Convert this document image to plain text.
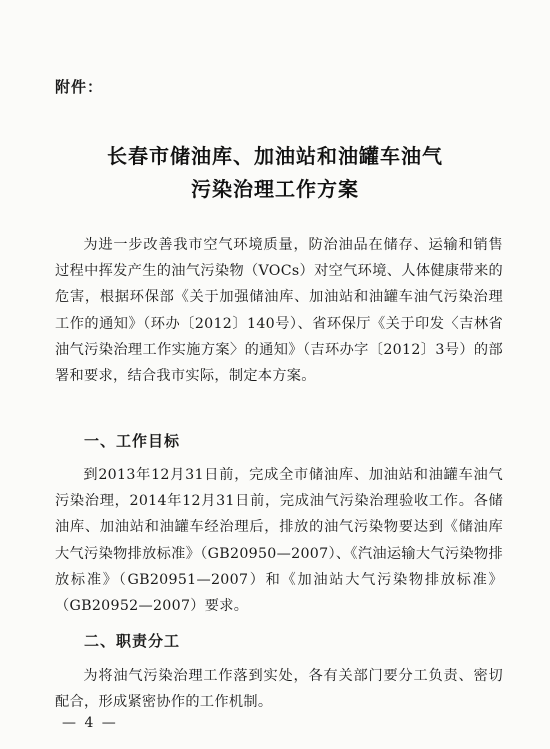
附件：
长春市储油库、加油站和油罐车油气
污染治理工作方案
为进一步改善我市空气环境质量，防治油品在储存、运输和销售过程中挥发产生的油气污染物（VOCs）对空气环境、人体健康带来的危害，根据环保部《关于加强储油库、加油站和油罐车油气污染治理工作的通知》（环办〔2012〕140号）、省环保厅《关于印发〈吉林省油气污染治理工作实施方案〉的通知》（吉环办字〔2012〕3号）的部署和要求，结合我市实际，制定本方案。
一、工作目标
到2013年12月31日前，完成全市储油库、加油站和油罐车油气污染治理，2014年12月31日前，完成油气污染治理验收工作。各储油库、加油站和油罐车经治理后，排放的油气污染物要达到《储油库大气污染物排放标准》（GB20950—2007）、《汽油运输大气污染物排放标准》（GB20951—2007）和《加油站大气污染物排放标准》（GB20952—2007）要求。
二、职责分工
为将油气污染治理工作落到实处，各有关部门要分工负责、密切配合，形成紧密协作的工作机制。
— 4 —
